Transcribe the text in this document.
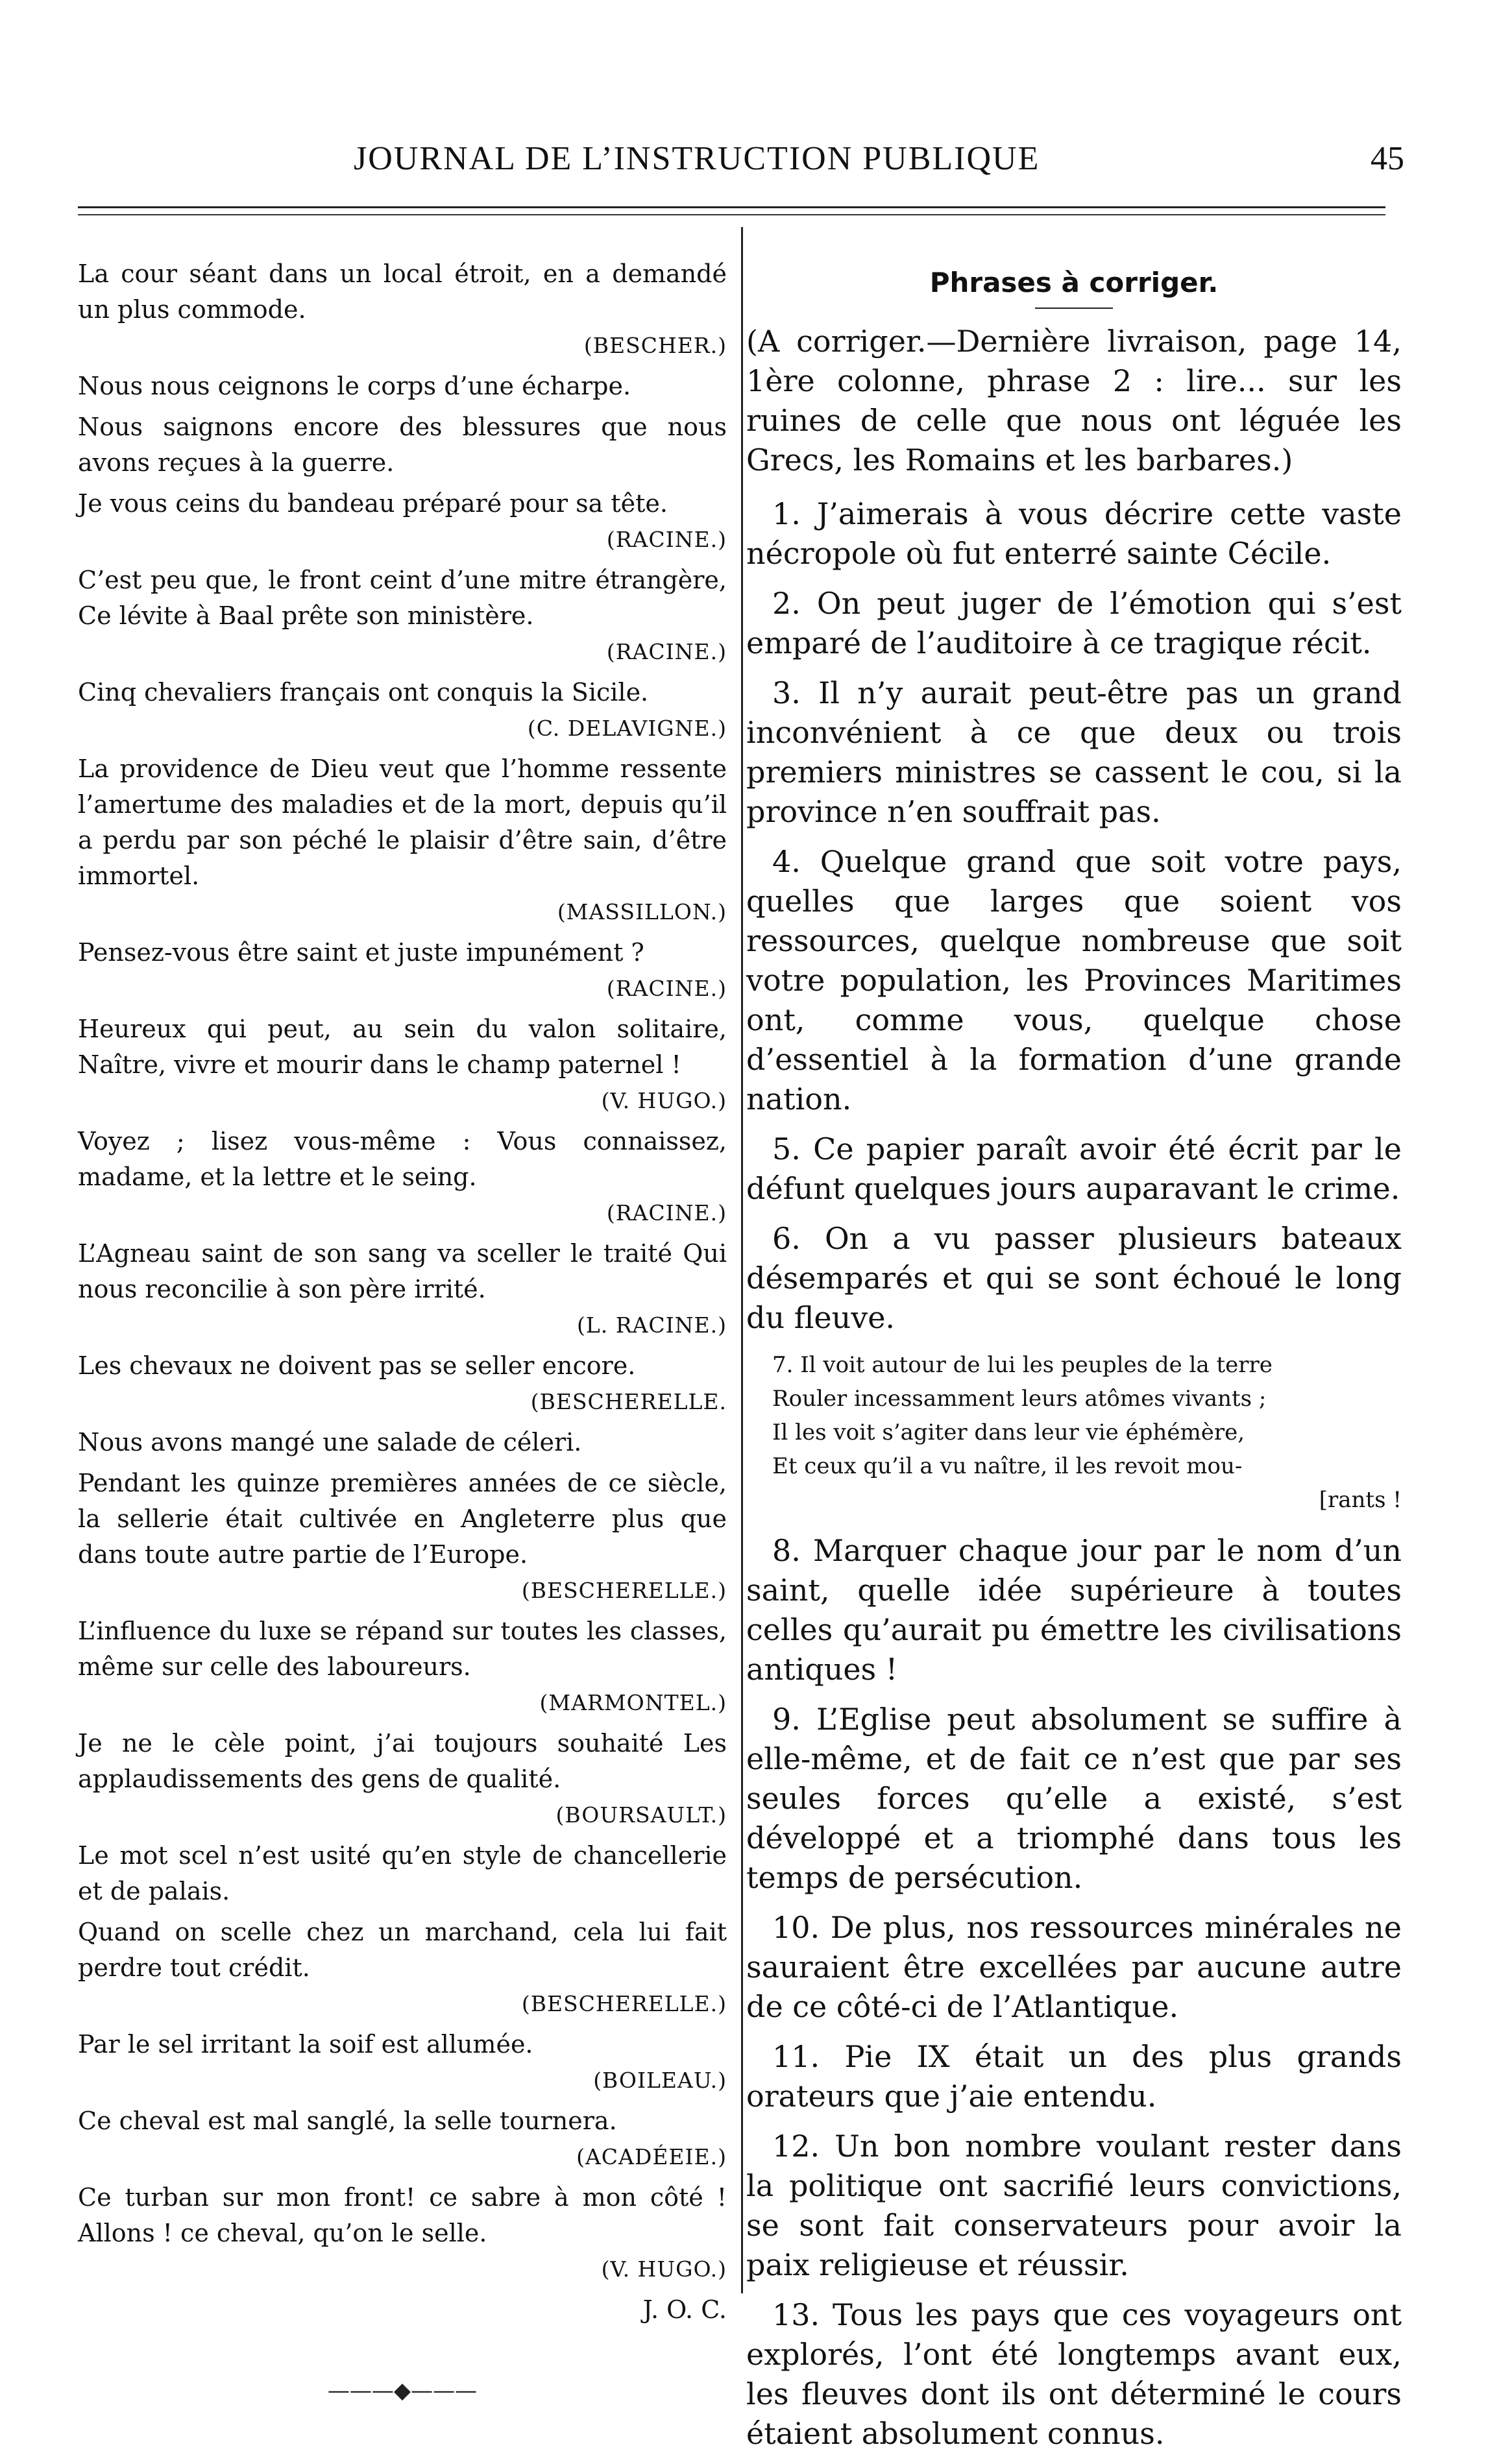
JOURNAL DE L’INSTRUCTION PUBLIQUE	45
La cour séant dans un local étroit, en a demandé un plus commode.
(BESCHER.)
Nous nous ceignons le corps d’une écharpe.
Nous saignons encore des blessures que nous avons reçues à la guerre.
Je vous ceins du bandeau préparé pour sa tête.
(RACINE.)
C’est peu que, le front ceint d’une mitre étrangère, Ce lévite à Baal prête son ministère.
(RACINE.)
Cinq chevaliers français ont conquis la Sicile.
(C. DELAVIGNE.)
La providence de Dieu veut que l’homme ressente l’amertume des maladies et de la mort, depuis qu’il a perdu par son péché le plaisir d’être sain, d’être immortel.
(MASSILLON.)
Pensez-vous être saint et juste impunément ?
(RACINE.)
Heureux qui peut, au sein du valon solitaire, Naître, vivre et mourir dans le champ paternel !
(V. HUGO.)
Voyez ; lisez vous-même : Vous connaissez, madame, et la lettre et le seing.
(RACINE.)
L’Agneau saint de son sang va sceller le traité Qui nous reconcilie à son père irrité.
(L. RACINE.)
Les chevaux ne doivent pas se seller encore.
(BESCHERELLE.
Nous avons mangé une salade de céleri.
Pendant les quinze premières années de ce siècle, la sellerie était cultivée en Angleterre plus que dans toute autre partie de l’Europe.
(BESCHERELLE.)
L’influence du luxe se répand sur toutes les classes, même sur celle des laboureurs.
(MARMONTEL.)
Je ne le cèle point, j’ai toujours souhaité Les applaudissements des gens de qualité.
(BOURSAULT.)
Le mot scel n’est usité qu’en style de chancellerie et de palais.
Quand on scelle chez un marchand, cela lui fait perdre tout crédit.
(BESCHERELLE.)
Par le sel irritant la soif est allumée.
(BOILEAU.)
Ce cheval est mal sanglé, la selle tournera.
(ACADÉEIE.)
Ce turban sur mon front! ce sabre à mon côté ! Allons ! ce cheval, qu’on le selle.
(V. HUGO.)
J. O. C.
———◆———
Phrases à corriger.
(A corriger.—Dernière livraison, page 14, 1ère colonne, phrase 2 : lire... sur les ruines de celle que nous ont léguée les Grecs, les Romains et les barbares.)
1. J’aimerais à vous décrire cette vaste nécropole où fut enterré sainte Cécile.
2. On peut juger de l’émotion qui s’est emparé de l’auditoire à ce tragique récit.
3. Il n’y aurait peut-être pas un grand inconvénient à ce que deux ou trois premiers ministres se cassent le cou, si la province n’en souffrait pas.
4. Quelque grand que soit votre pays, quelles que larges que soient vos ressources, quelque nombreuse que soit votre population, les Provinces Maritimes ont, comme vous, quelque chose d’essentiel à la formation d’une grande nation.
5. Ce papier paraît avoir été écrit par le défunt quelques jours auparavant le crime.
6. On a vu passer plusieurs bateaux désemparés et qui se sont échoué le long du fleuve.
7. Il voit autour de lui les peuples de la terre
Rouler incessamment leurs atômes vivants ;
Il les voit s’agiter dans leur vie éphémère,
Et ceux qu’il a vu naître, il les revoit mou-
[rants !
8. Marquer chaque jour par le nom d’un saint, quelle idée supérieure à toutes celles qu’aurait pu émettre les civilisations antiques !
9. L’Eglise peut absolument se suffire à elle-même, et de fait ce n’est que par ses seules forces qu’elle a existé, s’est développé et a triomphé dans tous les temps de persécution.
10. De plus, nos ressources minérales ne sauraient être excellées par aucune autre de ce côté-ci de l’Atlantique.
11. Pie IX était un des plus grands orateurs que j’aie entendu.
12. Un bon nombre voulant rester dans la politique ont sacrifié leurs convictions, se sont fait conservateurs pour avoir la paix religieuse et réussir.
13. Tous les pays que ces voyageurs ont explorés, l’ont été longtemps avant eux, les fleuves dont ils ont déterminé le cours étaient absolument connus.
